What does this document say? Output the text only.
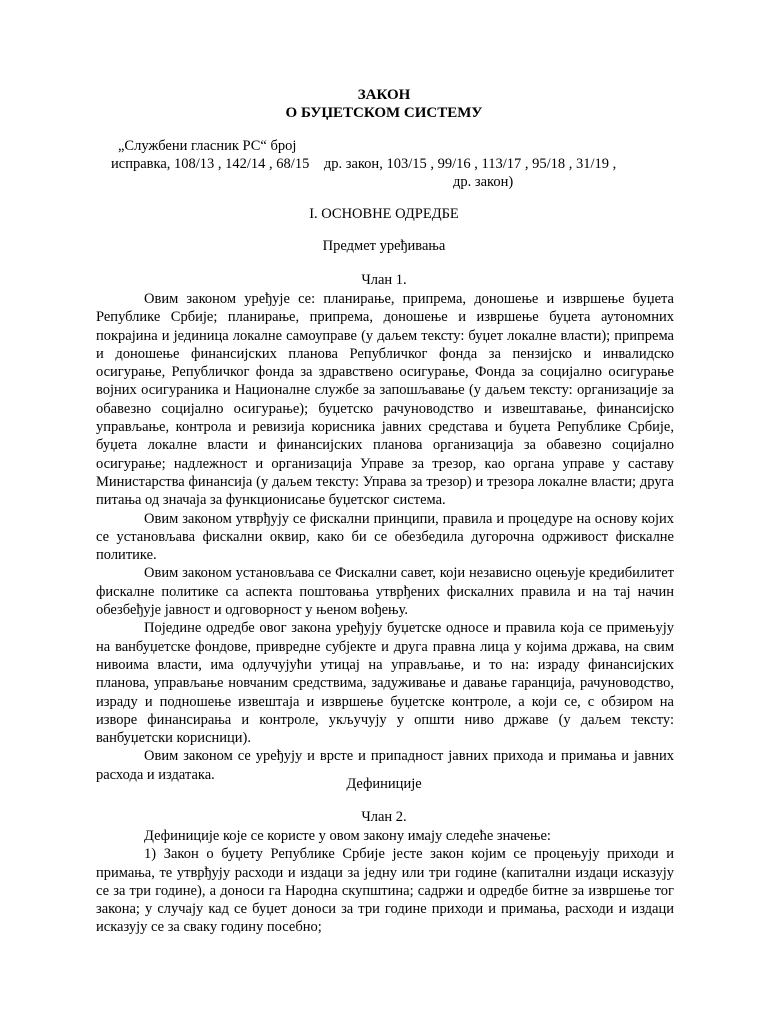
ЗАКОН
О БУЏЕТСКОМ СИСТЕМУ
„Службени гласник РС“ број
исправка, 108/13 , 142/14 , 68/15    др. закон, 103/15 , 99/16 , 113/17 , 95/18 , 31/19 ,
др. закон)
I. ОСНОВНЕ ОДРЕДБЕ
Предмет уређивања
Члан 1.

Овим законом уређује се: планирање, припрема, доношење и извршење буџета Републике Србије; планирање, припрема, доношење и извршење буџета аутономних покрајина и јединица локалне самоуправе (у даљем тексту: буџет локалне власти); припрема и доношење финансијских планова Републичког фонда за пензијско и инвалидско осигурање, Републичког фонда за здравствено осигурање, Фонда за социјално осигурање војних осигураника и Националне службе за запошљавање (у даљем тексту: организације за обавезно социјално осигурање); буџетско рачуноводство и извештавање, финансијско управљање, контрола и ревизија корисника јавних средстава и буџета Републике Србије, буџета локалне власти и финансијских планова организација за обавезно социјално осигурање; надлежност и организација Управе за трезор, као органа управе у саставу Министарства финансија (у даљем тексту: Управа за трезор) и трезора локалне власти; друга питања од значаја за функционисање буџетског система.

Овим законом утврђују се фискални принципи, правила и процедуре на основу којих се установљава фискални оквир, како би се обезбедила дугорочна одрживост фискалне политике.

Овим законом установљава се Фискални савет, који независно оцењује кредибилитет фискалне политике са аспекта поштовања утврђених фискалних правила и на тај начин обезбеђује јавност и одговорност у њеном вођењу.

Поједине одредбе овог закона уређују буџетске односе и правила која се примењују на ванбуџетске фондове, привредне субјекте и друга правна лица у којима држава, на свим нивоима власти, има одлучујући утицај на управљање, и то на: израду финансијских планова, управљање новчаним средствима, задуживање и давање гаранција, рачуноводство, израду и подношење извештаја и извршење буџетске контроле, а који се, с обзиром на изворе финансирања и контроле, укључују у општи ниво државе (у даљем тексту: ванбуџетски корисници).

Овим законом се уређују и врсте и припадност јавних прихода и примања и јавних расхода и издатака.

Дефиниције
Члан 2.

Дефиниције које се користе у овом закону имају следеће значење:

1) Закон о буџету Републике Србије јесте закон којим се процењују приходи и примања, те утврђују расходи и издаци за једну или три године (капитални издаци исказују се за три године), а доноси га Народна скупштина; садржи и одредбе битне за извршење тог закона; у случају кад се буџет доноси за три године приходи и примања, расходи и издаци исказују се за сваку годину посебно;
